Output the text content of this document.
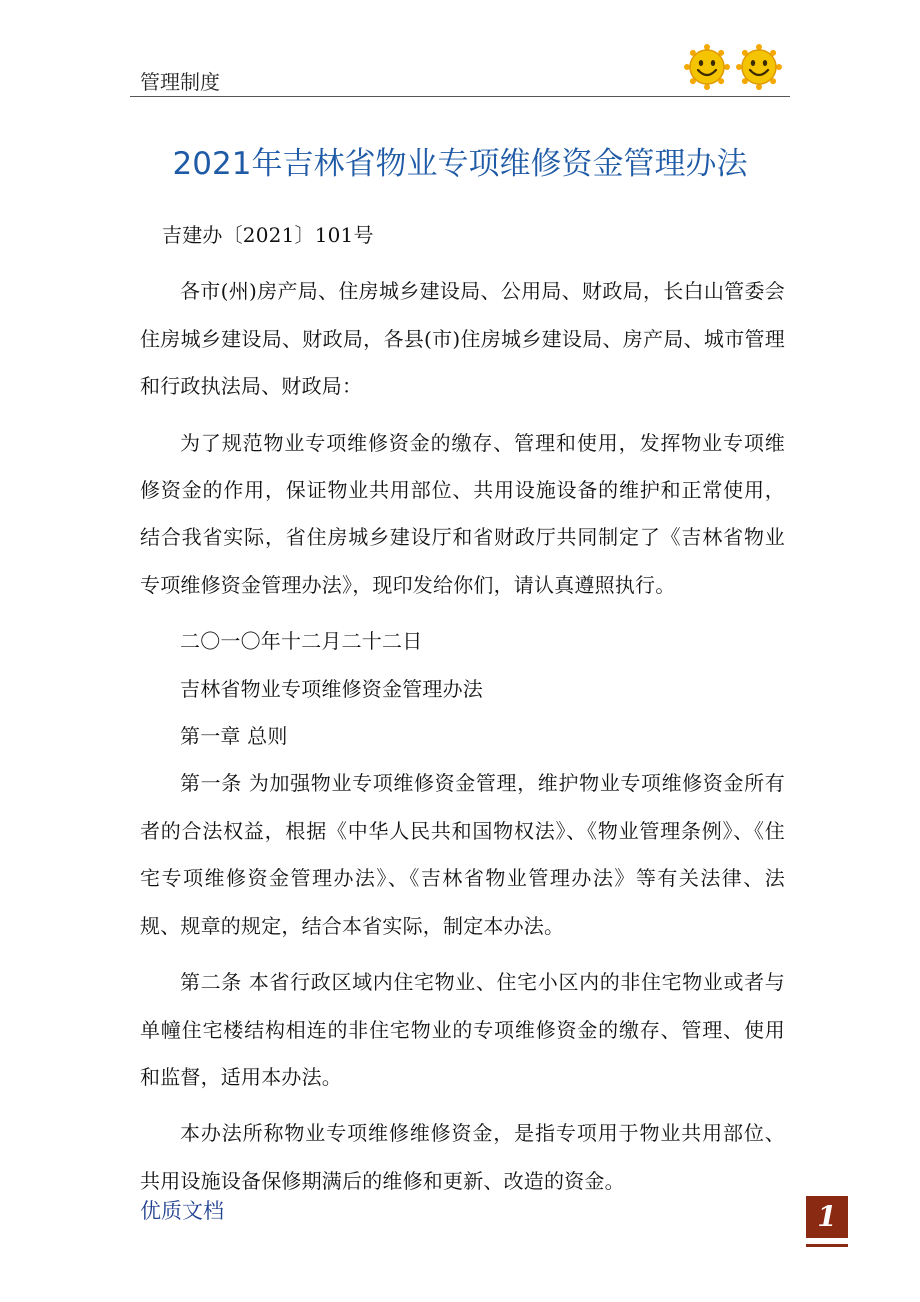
管理制度
2021年吉林省物业专项维修资金管理办法

吉建办〔2021〕101号

各市(州)房产局、住房城乡建设局、公用局、财政局，长白山管委会住房城乡建设局、财政局，各县(市)住房城乡建设局、房产局、城市管理和行政执法局、财政局：

为了规范物业专项维修资金的缴存、管理和使用，发挥物业专项维修资金的作用，保证物业共用部位、共用设施设备的维护和正常使用，结合我省实际，省住房城乡建设厅和省财政厅共同制定了《吉林省物业专项维修资金管理办法》，现印发给你们，请认真遵照执行。

二〇一〇年十二月二十二日

吉林省物业专项维修资金管理办法

第一章 总则

第一条 为加强物业专项维修资金管理，维护物业专项维修资金所有者的合法权益，根据《中华人民共和国物权法》、《物业管理条例》、《住宅专项维修资金管理办法》、《吉林省物业管理办法》等有关法律、法规、规章的规定，结合本省实际，制定本办法。

第二条 本省行政区域内住宅物业、住宅小区内的非住宅物业或者与单幢住宅楼结构相连的非住宅物业的专项维修资金的缴存、管理、使用和监督，适用本办法。

本办法所称物业专项维修维修资金，是指专项用于物业共用部位、共用设施设备保修期满后的维修和更新、改造的资金。

优质文档	1
